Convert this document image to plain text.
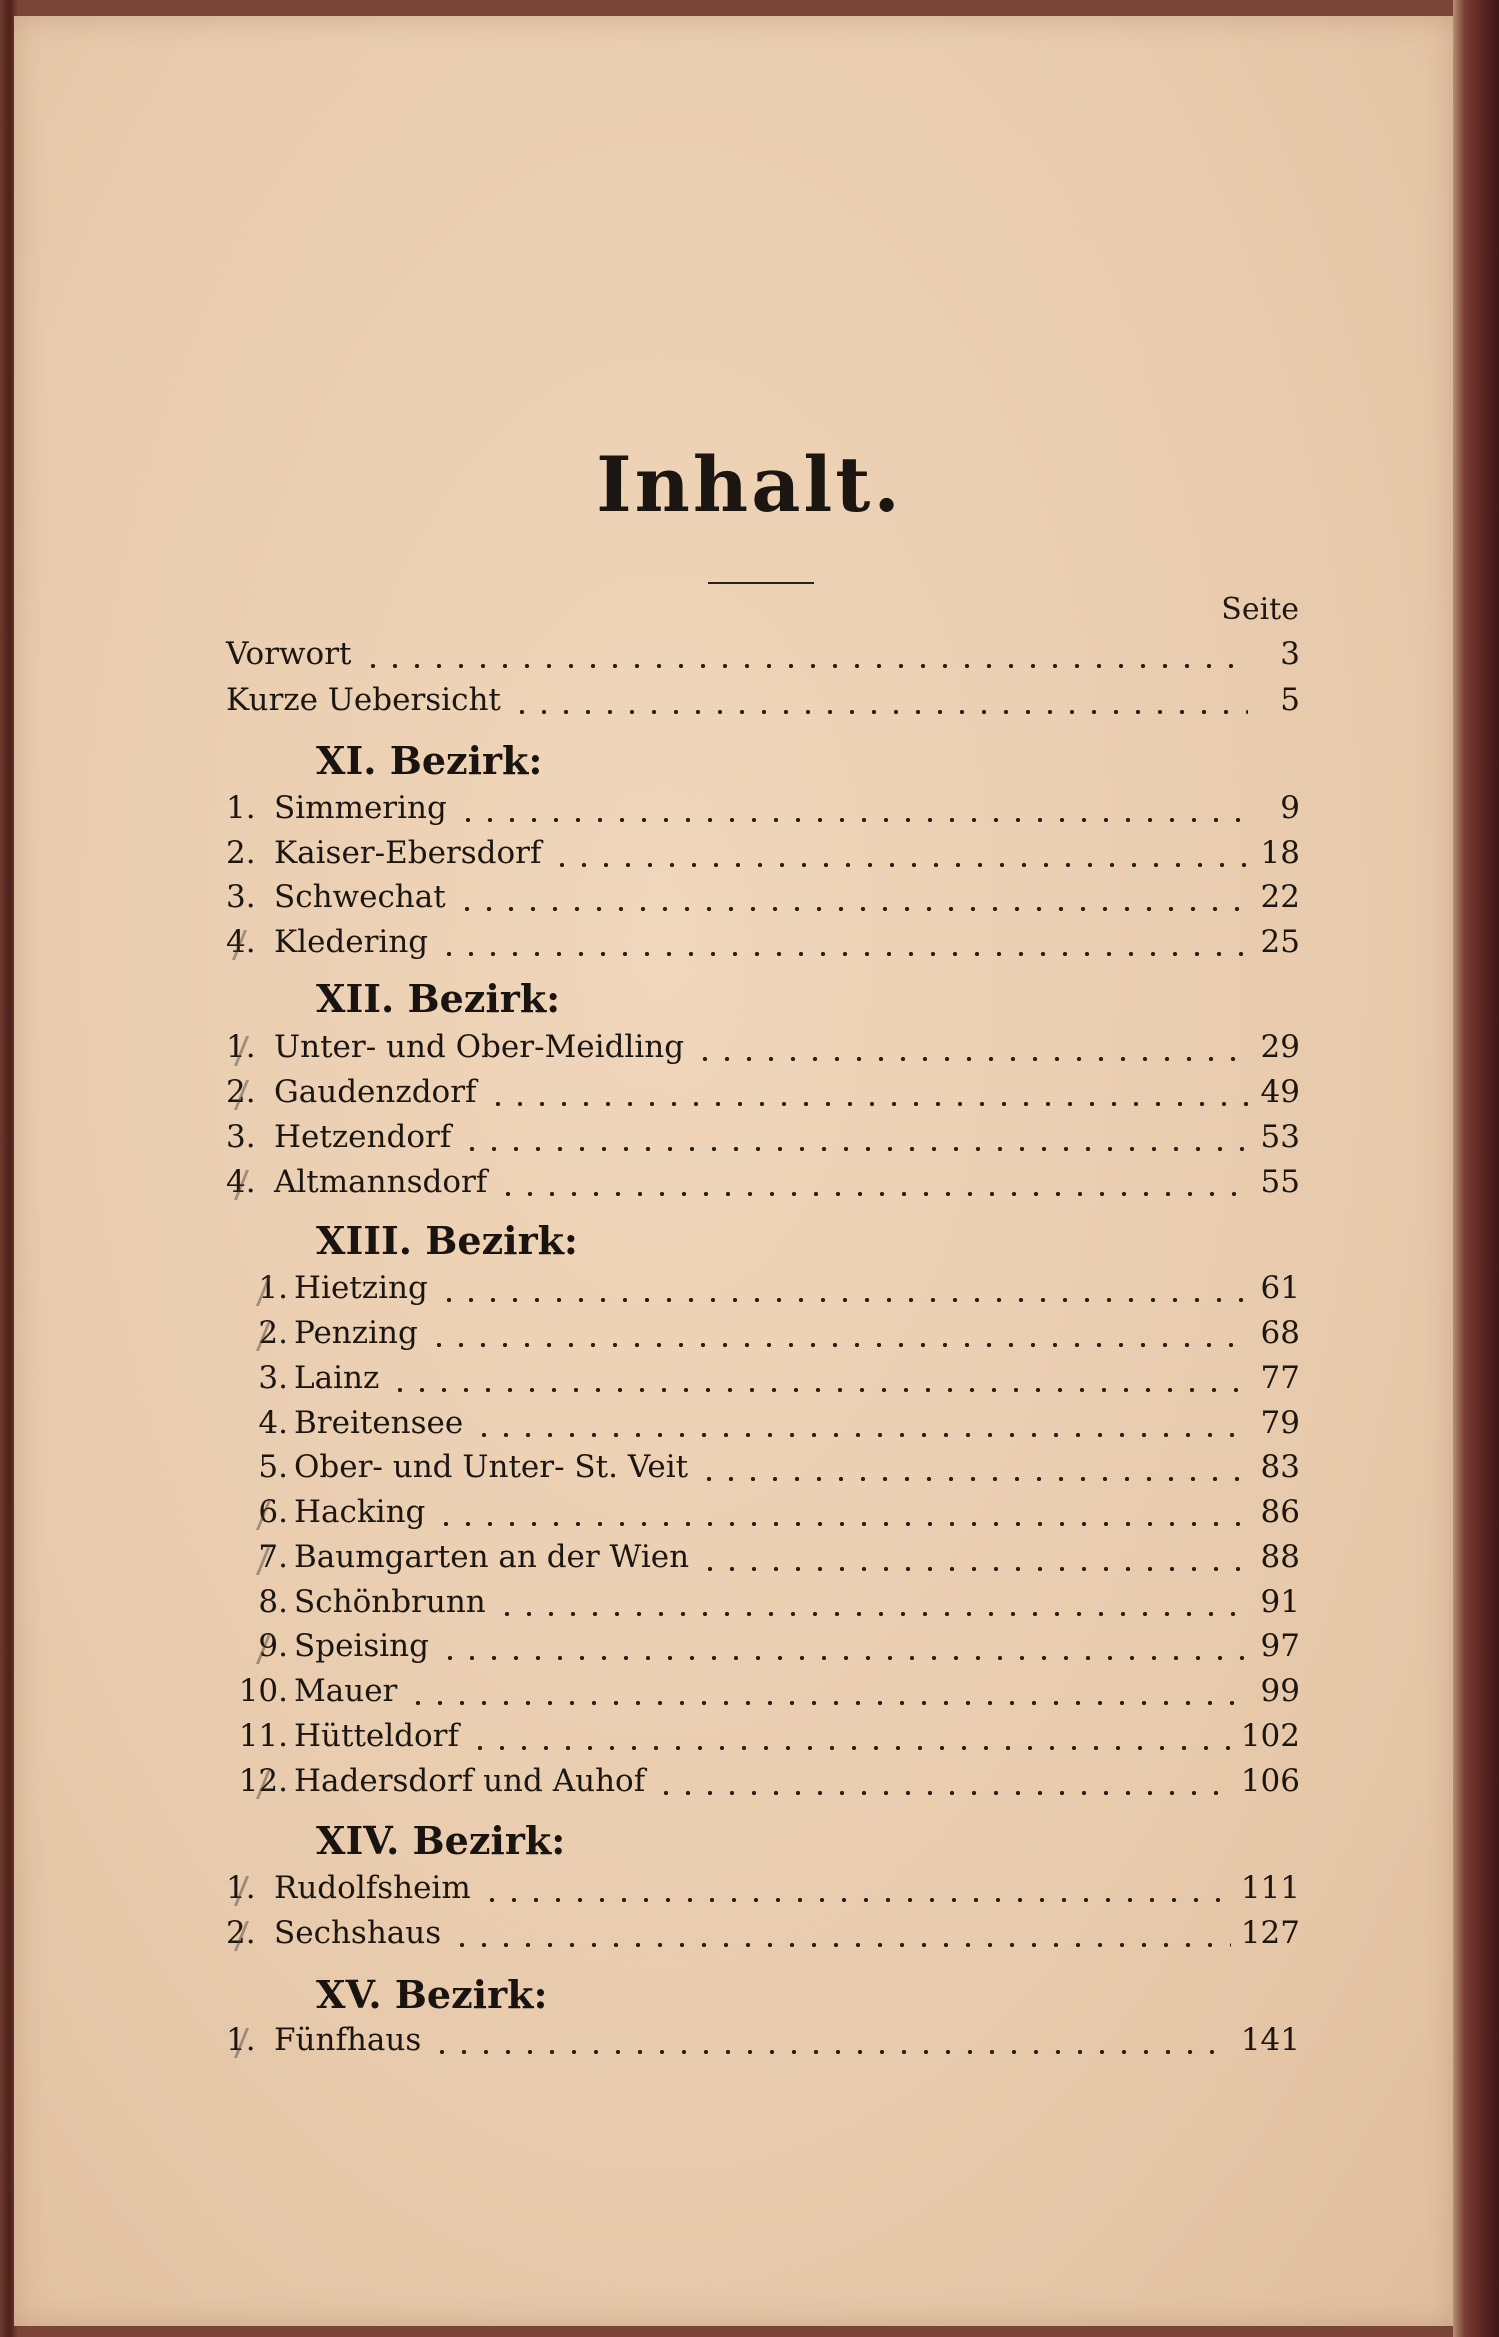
Inhalt.
Seite
Vorwort	3
Kurze Uebersicht	5
XI. Bezirk:
1. Simmering	9
2. Kaiser-Ebersdorf	18
3. Schwechat	22
4. Kledering	25
XII. Bezirk:
1. Unter- und Ober-Meidling	29
2. Gaudenzdorf	49
3. Hetzendorf	53
4. Altmannsdorf	55
XIII. Bezirk:
1. Hietzing	61
2. Penzing	68
3. Lainz	77
4. Breitensee	79
5. Ober- und Unter- St. Veit	83
6. Hacking	86
7. Baumgarten an der Wien	88
8. Schönbrunn	91
9. Speising	97
10. Mauer	99
11. Hütteldorf	102
12. Hadersdorf und Auhof	106
XIV. Bezirk:
1. Rudolfsheim	111
2. Sechshaus	127
XV. Bezirk:
1. Fünfhaus	141
